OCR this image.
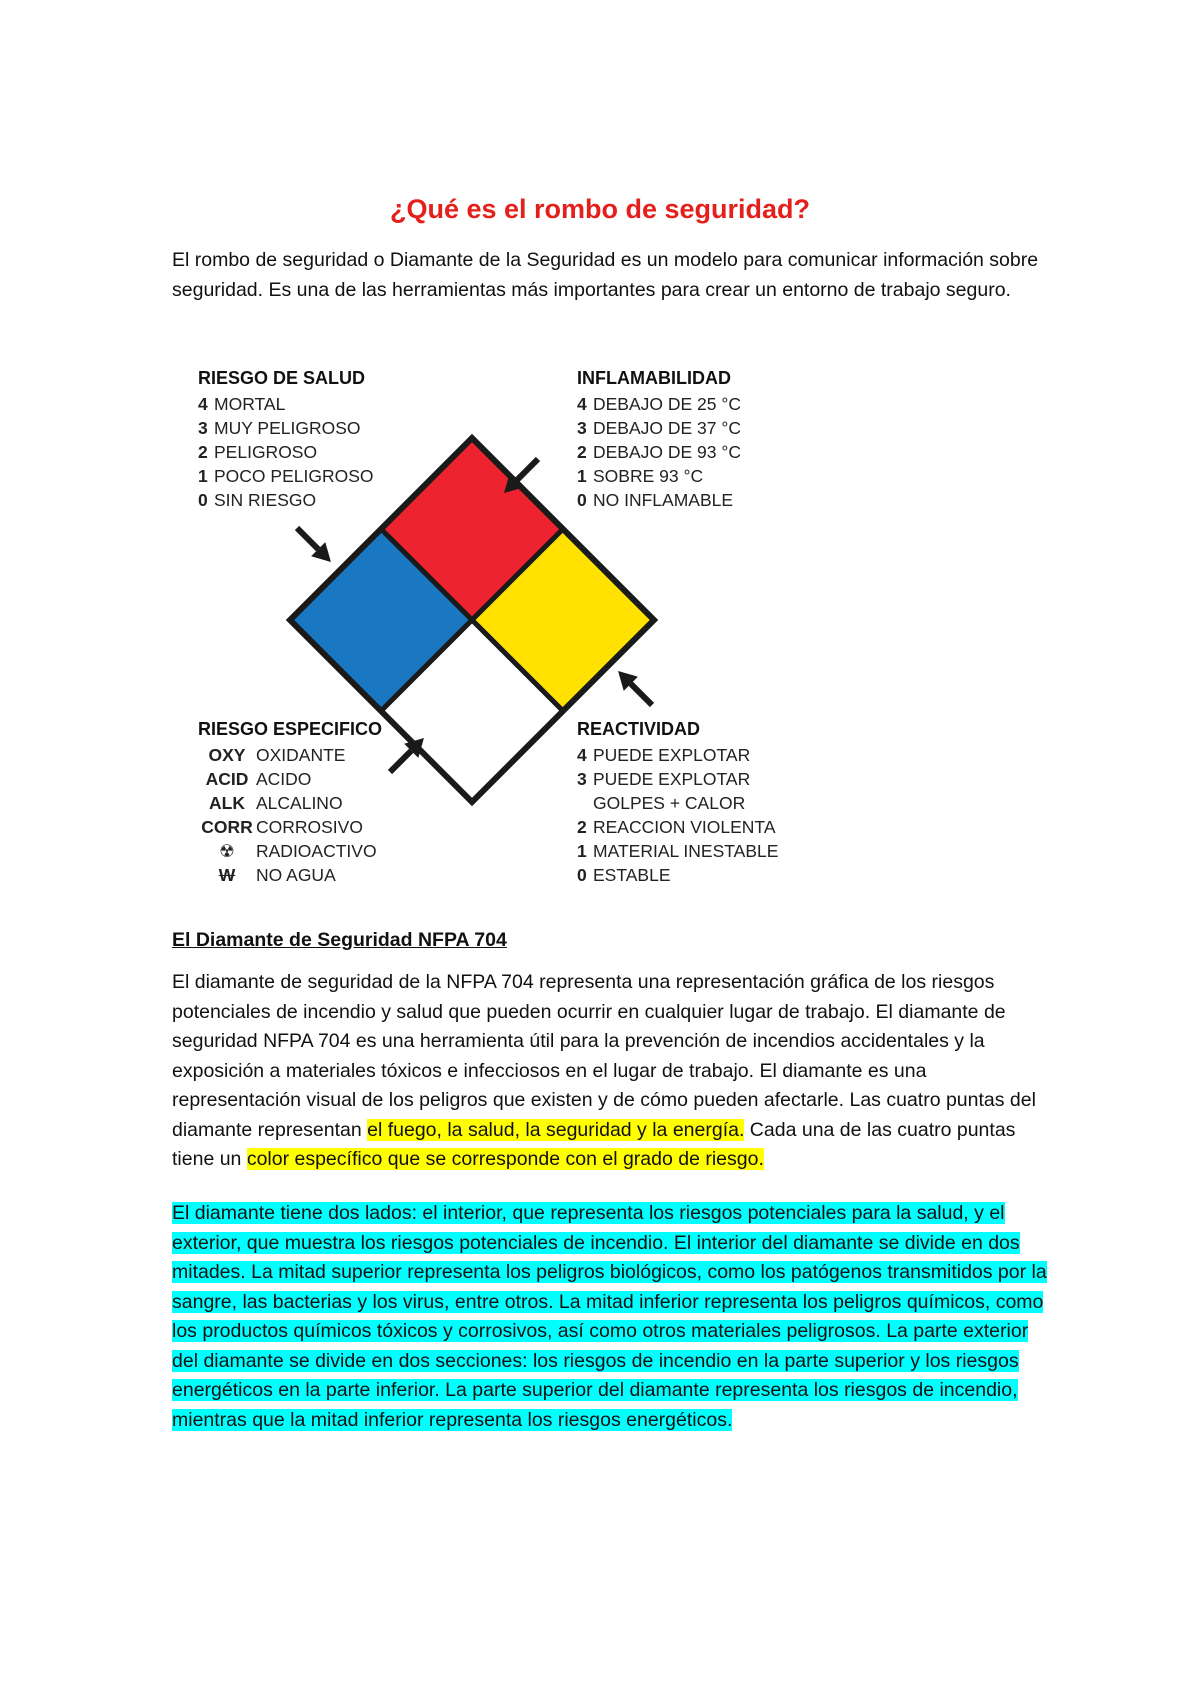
¿Qué es el rombo de seguridad?
El rombo de seguridad o Diamante de la Seguridad es un modelo para comunicar información sobre seguridad. Es una de las herramientas más importantes para crear un entorno de trabajo seguro.
RIESGO DE SALUD
4 MORTAL
3 MUY PELIGROSO
2 PELIGROSO
1 POCO PELIGROSO
0 SIN RIESGO
INFLAMABILIDAD
4 DEBAJO DE 25 °C
3 DEBAJO DE 37 °C
2 DEBAJO DE 93 °C
1 SOBRE 93 °C
0 NO INFLAMABLE
RIESGO ESPECIFICO
OXY OXIDANTE
ACID ACIDO
ALK ALCALINO
CORR CORROSIVO
☢ RADIOACTIVO
W NO AGUA
REACTIVIDAD
4 PUEDE EXPLOTAR
3 PUEDE EXPLOTAR
GOLPES + CALOR
2 REACCION VIOLENTA
1 MATERIAL INESTABLE
0 ESTABLE
El Diamante de Seguridad NFPA 704
El diamante de seguridad de la NFPA 704 representa una representación gráfica de los riesgos potenciales de incendio y salud que pueden ocurrir en cualquier lugar de trabajo. El diamante de seguridad NFPA 704 es una herramienta útil para la prevención de incendios accidentales y la exposición a materiales tóxicos e infecciosos en el lugar de trabajo. El diamante es una representación visual de los peligros que existen y de cómo pueden afectarle. Las cuatro puntas del diamante representan el fuego, la salud, la seguridad y la energía. Cada una de las cuatro puntas tiene un color específico que se corresponde con el grado de riesgo.
El diamante tiene dos lados: el interior, que representa los riesgos potenciales para la salud, y el exterior, que muestra los riesgos potenciales de incendio. El interior del diamante se divide en dos mitades. La mitad superior representa los peligros biológicos, como los patógenos transmitidos por la sangre, las bacterias y los virus, entre otros. La mitad inferior representa los peligros químicos, como los productos químicos tóxicos y corrosivos, así como otros materiales peligrosos. La parte exterior del diamante se divide en dos secciones: los riesgos de incendio en la parte superior y los riesgos energéticos en la parte inferior. La parte superior del diamante representa los riesgos de incendio, mientras que la mitad inferior representa los riesgos energéticos.
